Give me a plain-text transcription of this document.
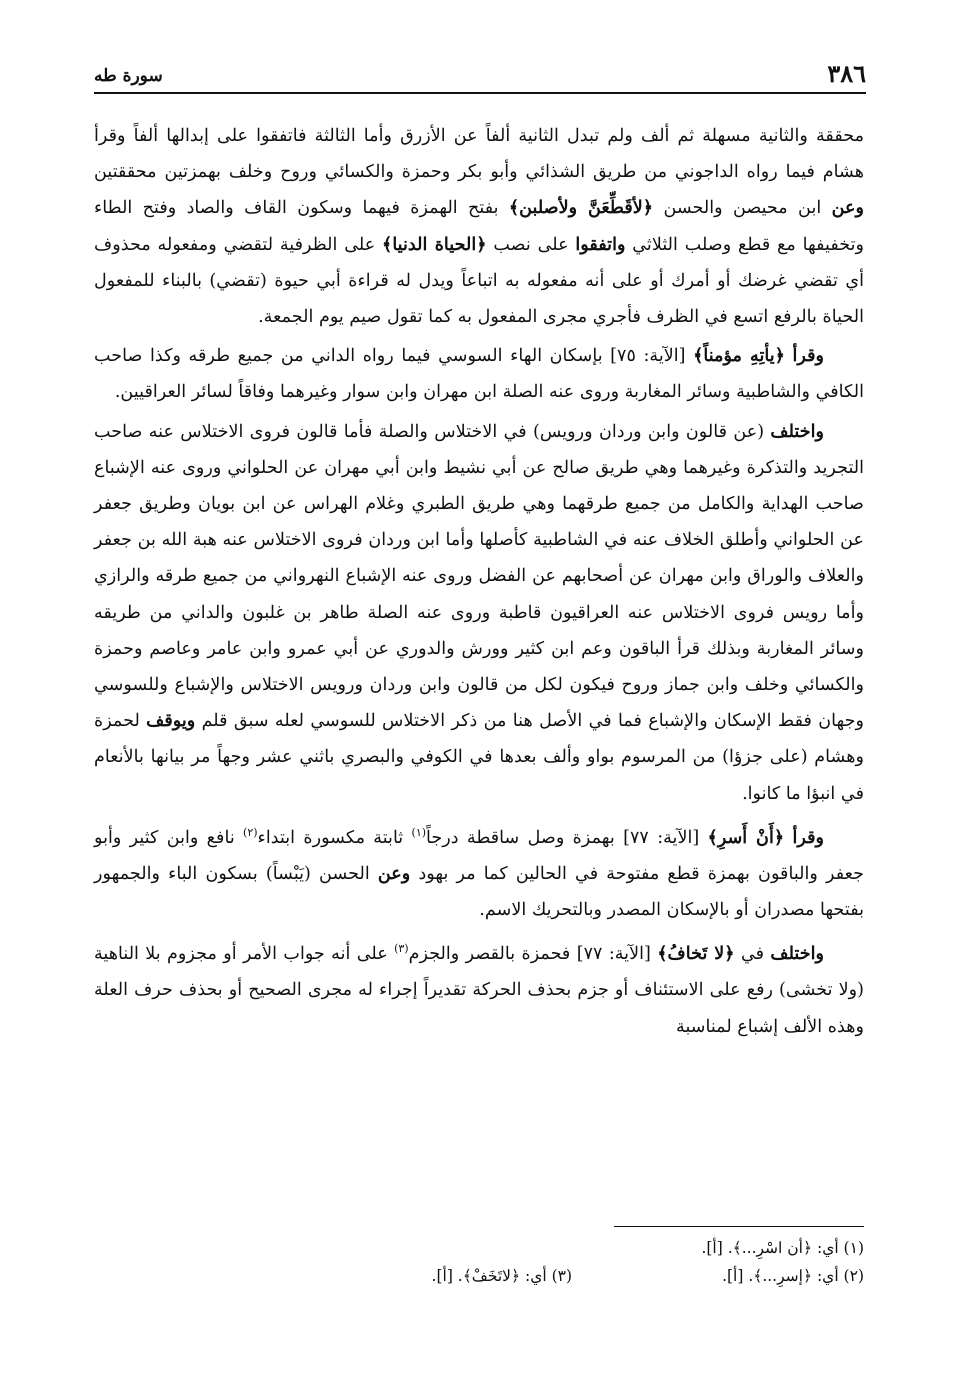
٣٨٦
سورة طه

محققة والثانية مسهلة ثم ألف ولم تبدل الثانية ألفاً عن الأزرق وأما الثالثة فاتفقوا على إبدالها ألفاً وقرأ هشام فيما رواه الداجوني من طريق الشذائي وأبو بكر وحمزة والكسائي وروح وخلف بهمزتين محققتين وعن ابن محيصن والحسن ﴿لأقَطِّعَنَّ ولأصلبن﴾ بفتح الهمزة فيهما وسكون القاف والصاد وفتح الطاء وتخفيفها مع قطع وصلب الثلاثي واتفقوا على نصب ﴿الحياة الدنيا﴾ على الظرفية لتقضي ومفعوله محذوف أي تقضي غرضك أو أمرك أو على أنه مفعوله به اتباعاً ويدل له قراءة أبي حيوة (تقضي) بالبناء للمفعول الحياة بالرفع اتسع في الظرف فأجري مجرى المفعول به كما تقول صيم يوم الجمعة.

وقرأ ﴿يأتِهِ مؤمناً﴾ [الآية: ٧٥] بإسكان الهاء السوسي فيما رواه الداني من جميع طرقه وكذا صاحب الكافي والشاطبية وسائر المغاربة وروى عنه الصلة ابن مهران وابن سوار وغيرهما وفاقاً لسائر العراقيين.

واختلف (عن قالون وابن وردان ورويس) في الاختلاس والصلة فأما قالون فروى الاختلاس عنه صاحب التجريد والتذكرة وغيرهما وهي طريق صالح عن أبي نشيط وابن أبي مهران عن الحلواني وروى عنه الإشباع صاحب الهداية والكامل من جميع طرقهما وهي طريق الطبري وغلام الهراس عن ابن بويان وطريق جعفر عن الحلواني وأطلق الخلاف عنه في الشاطبية كأصلها وأما ابن وردان فروى الاختلاس عنه هبة الله بن جعفر والعلاف والوراق وابن مهران عن أصحابهم عن الفضل وروى عنه الإشباع النهرواني من جميع طرقه والرازي وأما رويس فروى الاختلاس عنه العراقيون قاطبة وروى عنه الصلة طاهر بن غلبون والداني من طريقه وسائر المغاربة وبذلك قرأ الباقون وعم ابن كثير وورش والدوري عن أبي عمرو وابن عامر وعاصم وحمزة والكسائي وخلف وابن جماز وروح فيكون لكل من قالون وابن وردان ورويس الاختلاس والإشباع وللسوسي وجهان فقط الإسكان والإشباع فما في الأصل هنا من ذكر الاختلاس للسوسي لعله سبق قلم ويوقف لحمزة وهشام (على جزؤا) من المرسوم بواو وألف بعدها في الكوفي والبصري باثني عشر وجهاً مر بيانها بالأنعام في انبؤا ما كانوا.

وقرأ ﴿أَنْ أَسرِ﴾ [الآية: ٧٧] بهمزة وصل ساقطة درجاً$^{(١)}$ ثابتة مكسورة ابتداء$^{(٢)}$ نافع وابن كثير وأبو جعفر والباقون بهمزة قطع مفتوحة في الحالين كما مر بهود وعن الحسن (يَبْساً) بسكون الباء والجمهور بفتحها مصدران أو بالإسكان المصدر وبالتحريك الاسم.

واختلف في ﴿لا تَخافُ﴾ [الآية: ٧٧] فحمزة بالقصر والجزم$^{(٣)}$ على أنه جواب الأمر أو مجزوم بلا الناهية (ولا تخشى) رفع على الاستئناف أو جزم بحذف الحركة تقديراً إجراء له مجرى الصحيح أو بحذف حرف العلة وهذه الألف إشباع لمناسبة

(١) أي: ﴿أن اسْرِ...﴾. [أ].
(٢) أي: ﴿إسرِ...﴾. [أ].
(٣) أي: ﴿لاتَخَفْ﴾. [أ].
